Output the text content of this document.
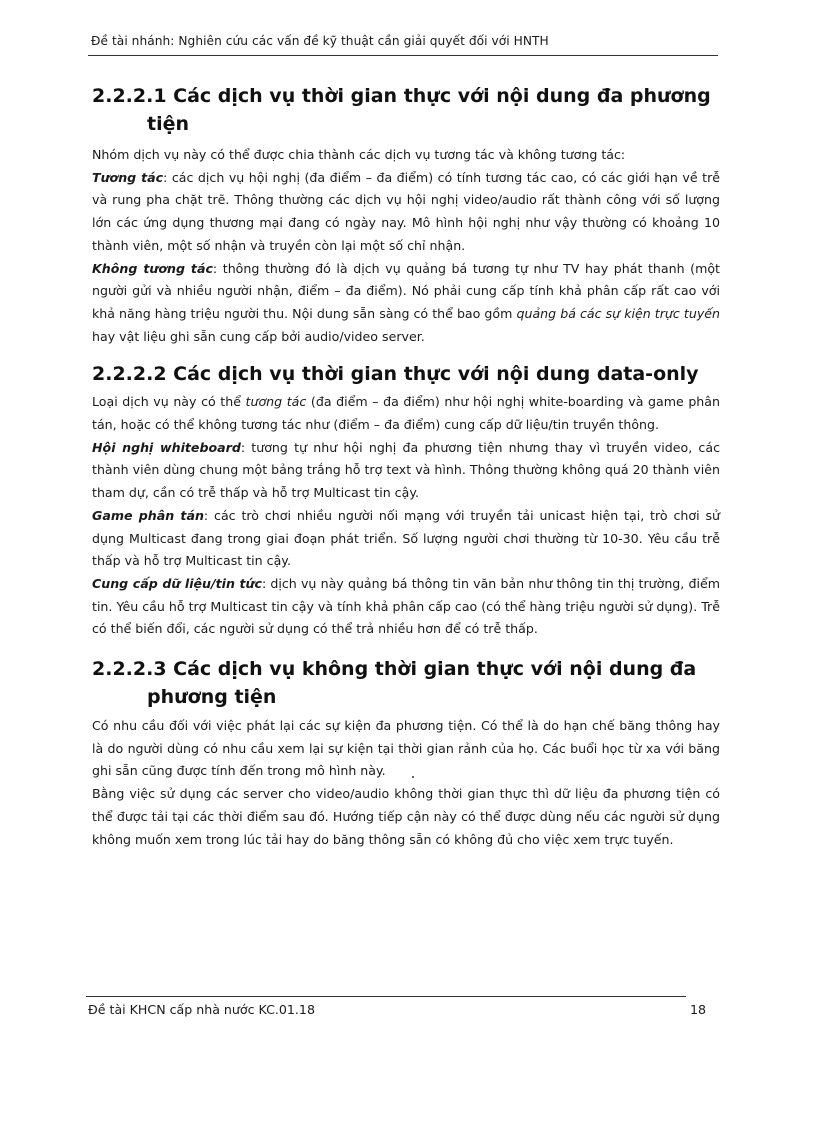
Đề tài nhánh: Nghiên cứu các vấn đề kỹ thuật cần giải quyết đối với HNTH
2.2.2.1 Các dịch vụ thời gian thực với nội dung đa phương
tiện

Nhóm dịch vụ này có thể được chia thành các dịch vụ tương tác và không tương tác:

Tương tác: các dịch vụ hội nghị (đa điểm – đa điểm) có tính tương tác cao, có các giới hạn về trễ và rung pha chặt trẽ. Thông thường các dịch vụ hội nghị video/audio rất thành công với số lượng lớn các ứng dụng thương mại đang có ngày nay. Mô hình hội nghị như vậy thường có khoảng 10 thành viên, một số nhận và truyền còn lại một số chỉ nhận.

Không tương tác: thông thường đó là dịch vụ quảng bá tương tự như TV hay phát thanh (một người gửi và nhiều người nhận, điểm – đa điểm). Nó phải cung cấp tính khả phân cấp rất cao với khả năng hàng triệu người thu. Nội dung sẵn sàng có thể bao gồm quảng bá các sự kiện trực tuyến hay vật liệu ghi sẵn cung cấp bởi audio/video server.

2.2.2.2 Các dịch vụ thời gian thực với nội dung data-only

Loại dịch vụ này có thể tương tác (đa điểm – đa điểm) như hội nghị white-boarding và game phân tán, hoặc có thể không tương tác như (điểm – đa điểm) cung cấp dữ liệu/tin truyền thông.

Hội nghị whiteboard: tương tự như hội nghị đa phương tiện nhưng thay vì truyền video, các thành viên dùng chung một bảng trắng hỗ trợ text và hình. Thông thường không quá 20 thành viên tham dự, cần có trễ thấp và hỗ trợ Multicast tin cậy.

Game phân tán: các trò chơi nhiều người nối mạng với truyền tải unicast hiện tại, trò chơi sử dụng Multicast đang trong giai đoạn phát triển. Số lượng người chơi thường từ 10-30. Yêu cầu trễ thấp và hỗ trợ Multicast tin cậy.

Cung cấp dữ liệu/tin tức: dịch vụ này quảng bá thông tin văn bản như thông tin thị trường, điểm tin. Yêu cầu hỗ trợ Multicast tin cậy và tính khả phân cấp cao (có thể hàng triệu người sử dụng). Trễ có thể biến đổi, các người sử dụng có thể trả nhiều hơn để có trễ thấp.

2.2.2.3 Các dịch vụ không thời gian thực với nội dung đa
phương tiện

Có nhu cầu đối với việc phát lại các sự kiện đa phương tiện. Có thể là do hạn chế băng thông hay là do người dùng có nhu cầu xem lại sự kiện tại thời gian rảnh của họ. Các buổi học từ xa với băng ghi sẵn cũng được tính đến trong mô hình này.

Bằng việc sử dụng các server cho video/audio không thời gian thực thì dữ liệu đa phương tiện có thể được tải tại các thời điểm sau đó. Hướng tiếp cận này có thể được dùng nếu các người sử dụng không muốn xem trong lúc tải hay do băng thông sẵn có không đủ cho việc xem trực tuyến.

Đề tài KHCN cấp nhà nước KC.01.18	18
